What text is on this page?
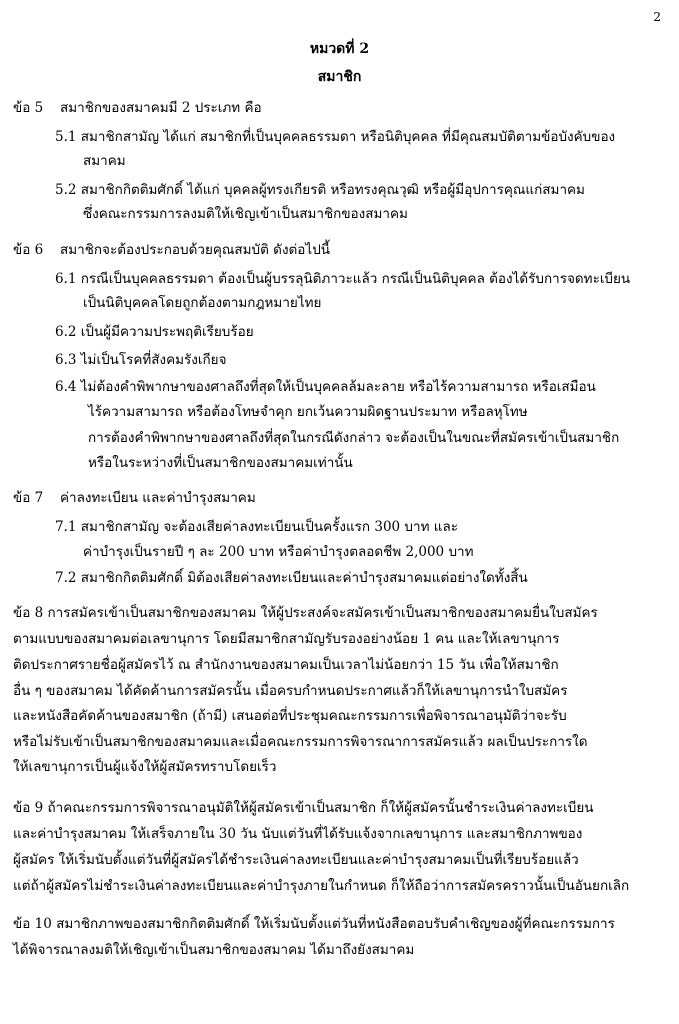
2
หมวดที่ 2
สมาชิก
ข้อ 5 สมาชิกของสมาคมมี 2 ประเภท คือ
5.1 สมาชิกสามัญ ได้แก่ สมาชิกที่เป็นบุคคลธรรมดา หรือนิติบุคคล ที่มีคุณสมบัติตามข้อบังคับของ
สมาคม
5.2 สมาชิกกิตติมศักดิ์ ได้แก่ บุคคลผู้ทรงเกียรติ หรือทรงคุณวุฒิ หรือผู้มีอุปการคุณแก่สมาคม
ซึ่งคณะกรรมการลงมติให้เชิญเข้าเป็นสมาชิกของสมาคม
ข้อ 6 สมาชิกจะต้องประกอบด้วยคุณสมบัติ ดังต่อไปนี้
6.1 กรณีเป็นบุคคลธรรมดา ต้องเป็นผู้บรรลุนิติภาวะแล้ว กรณีเป็นนิติบุคคล ต้องได้รับการจดทะเบียน
เป็นนิติบุคคลโดยถูกต้องตามกฎหมายไทย
6.2 เป็นผู้มีความประพฤติเรียบร้อย
6.3 ไม่เป็นโรคที่สังคมรังเกียจ
6.4 ไม่ต้องคำพิพากษาของศาลถึงที่สุดให้เป็นบุคคลล้มละลาย หรือไร้ความสามารถ หรือเสมือน
ไร้ความสามารถ หรือต้องโทษจำคุก ยกเว้นความผิดฐานประมาท หรือลหุโทษ
การต้องคำพิพากษาของศาลถึงที่สุดในกรณีดังกล่าว จะต้องเป็นในขณะที่สมัครเข้าเป็นสมาชิก
หรือในระหว่างที่เป็นสมาชิกของสมาคมเท่านั้น
ข้อ 7 ค่าลงทะเบียน และค่าบำรุงสมาคม
7.1 สมาชิกสามัญ จะต้องเสียค่าลงทะเบียนเป็นครั้งแรก 300 บาท และ
ค่าบำรุงเป็นรายปี ๆ ละ 200 บาท หรือค่าบำรุงตลอดชีพ 2,000 บาท
7.2 สมาชิกกิตติมศักดิ์ มิต้องเสียค่าลงทะเบียนและค่าบำรุงสมาคมแต่อย่างใดทั้งสิ้น
ข้อ 8 การสมัครเข้าเป็นสมาชิกของสมาคม ให้ผู้ประสงค์จะสมัครเข้าเป็นสมาชิกของสมาคมยื่นใบสมัคร
ตามแบบของสมาคมต่อเลขานุการ โดยมีสมาชิกสามัญรับรองอย่างน้อย 1 คน และให้เลขานุการ
ติดประกาศรายชื่อผู้สมัครไว้ ณ สำนักงานของสมาคมเป็นเวลาไม่น้อยกว่า 15 วัน เพื่อให้สมาชิก
อื่น ๆ ของสมาคม ได้คัดค้านการสมัครนั้น เมื่อครบกำหนดประกาศแล้วก็ให้เลขานุการนำใบสมัคร
และหนังสือคัดค้านของสมาชิก (ถ้ามี) เสนอต่อที่ประชุมคณะกรรมการเพื่อพิจารณาอนุมัติว่าจะรับ
หรือไม่รับเข้าเป็นสมาชิกของสมาคมและเมื่อคณะกรรมการพิจารณาการสมัครแล้ว ผลเป็นประการใด
ให้เลขานุการเป็นผู้แจ้งให้ผู้สมัครทราบโดยเร็ว
ข้อ 9 ถ้าคณะกรรมการพิจารณาอนุมัติให้ผู้สมัครเข้าเป็นสมาชิก ก็ให้ผู้สมัครนั้นชำระเงินค่าลงทะเบียน
และค่าบำรุงสมาคม ให้เสร็จภายใน 30 วัน นับแต่วันที่ได้รับแจ้งจากเลขานุการ และสมาชิกภาพของ
ผู้สมัคร ให้เริ่มนับตั้งแต่วันที่ผู้สมัครได้ชำระเงินค่าลงทะเบียนและค่าบำรุงสมาคมเป็นที่เรียบร้อยแล้ว
แต่ถ้าผู้สมัครไม่ชำระเงินค่าลงทะเบียนและค่าบำรุงภายในกำหนด ก็ให้ถือว่าการสมัครคราวนั้นเป็นอันยกเลิก
ข้อ 10 สมาชิกภาพของสมาชิกกิตติมศักดิ์ ให้เริ่มนับตั้งแต่วันที่หนังสือตอบรับคำเชิญของผู้ที่คณะกรรมการ
ได้พิจารณาลงมติให้เชิญเข้าเป็นสมาชิกของสมาคม ได้มาถึงยังสมาคม
